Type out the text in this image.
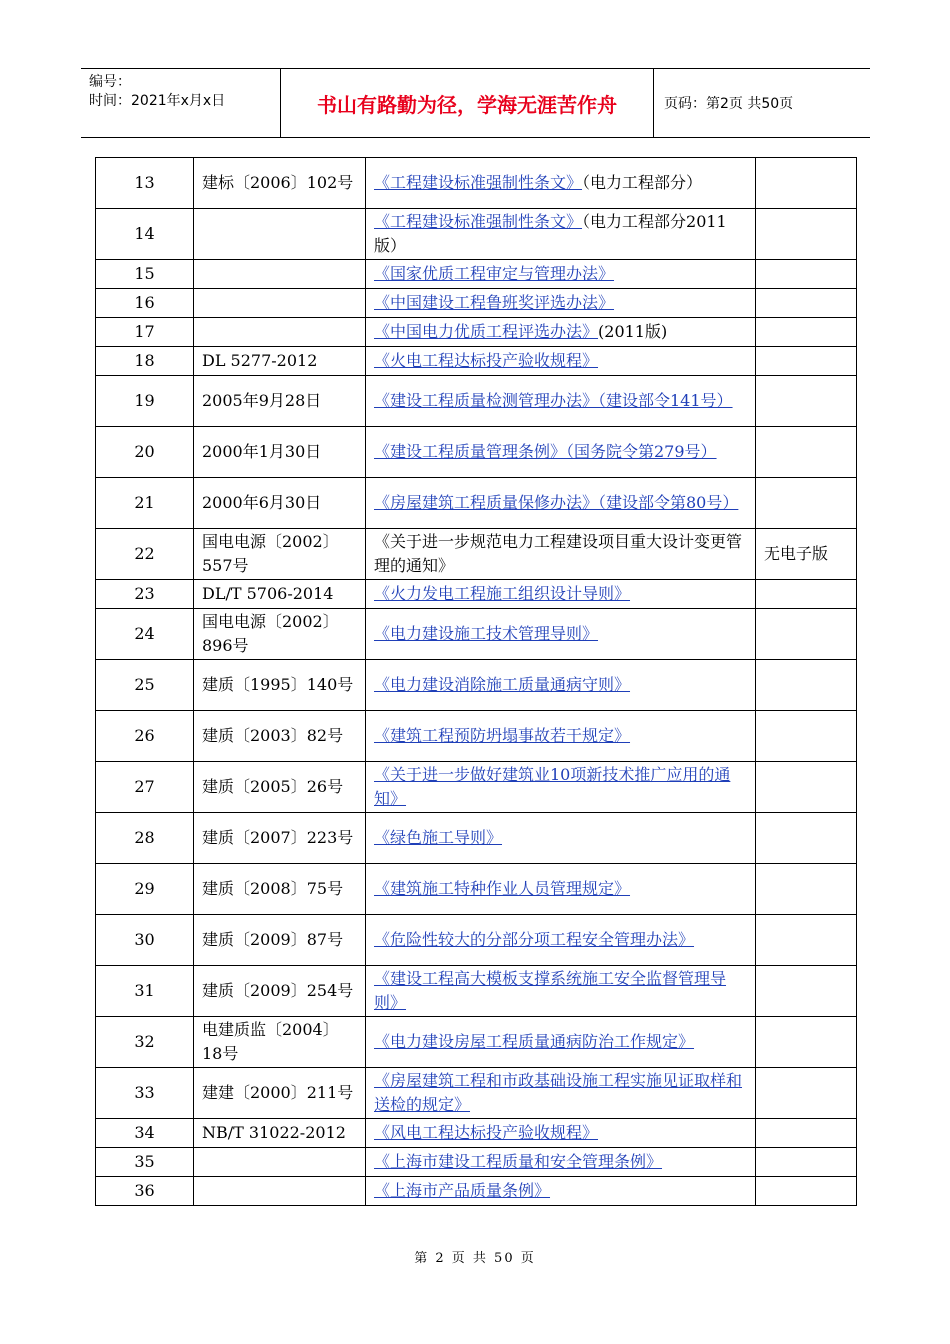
编号：
时间：2021年x月x日	书山有路勤为径，学海无涯苦作舟	页码：第2页 共50页
13	建标〔2006〕102号	《工程建设标准强制性条文》（电力工程部分）	
14		《工程建设标准强制性条文》（电力工程部分2011版）	
15		《国家优质工程审定与管理办法》	
16		《中国建设工程鲁班奖评选办法》	
17		《中国电力优质工程评选办法》(2011版)	
18	DL 5277-2012	《火电工程达标投产验收规程》	
19	2005年9月28日	《建设工程质量检测管理办法》（建设部令141号）	
20	2000年1月30日	《建设工程质量管理条例》（国务院令第279号）	
21	2000年6月30日	《房屋建筑工程质量保修办法》（建设部令第80号）	
22	国电电源〔2002〕557号	《关于进一步规范电力工程建设项目重大设计变更管理的通知》	无电子版
23	DL/T 5706-2014	《火力发电工程施工组织设计导则》	
24	国电电源〔2002〕896号	《电力建设施工技术管理导则》	
25	建质〔1995〕140号	《电力建设消除施工质量通病守则》	
26	建质〔2003〕82号	《建筑工程预防坍塌事故若干规定》	
27	建质〔2005〕26号	《关于进一步做好建筑业10项新技术推广应用的通知》	
28	建质〔2007〕223号	《绿色施工导则》	
29	建质〔2008〕75号	《建筑施工特种作业人员管理规定》	
30	建质〔2009〕87号	《危险性较大的分部分项工程安全管理办法》	
31	建质〔2009〕254号	《建设工程高大模板支撑系统施工安全监督管理导则》	
32	电建质监〔2004〕18号	《电力建设房屋工程质量通病防治工作规定》	
33	建建〔2000〕211号	《房屋建筑工程和市政基础设施工程实施见证取样和送检的规定》	
34	NB/T 31022-2012	《风电工程达标投产验收规程》	
35		《上海市建设工程质量和安全管理条例》	
36		《上海市产品质量条例》	
第 2 页 共 50 页
